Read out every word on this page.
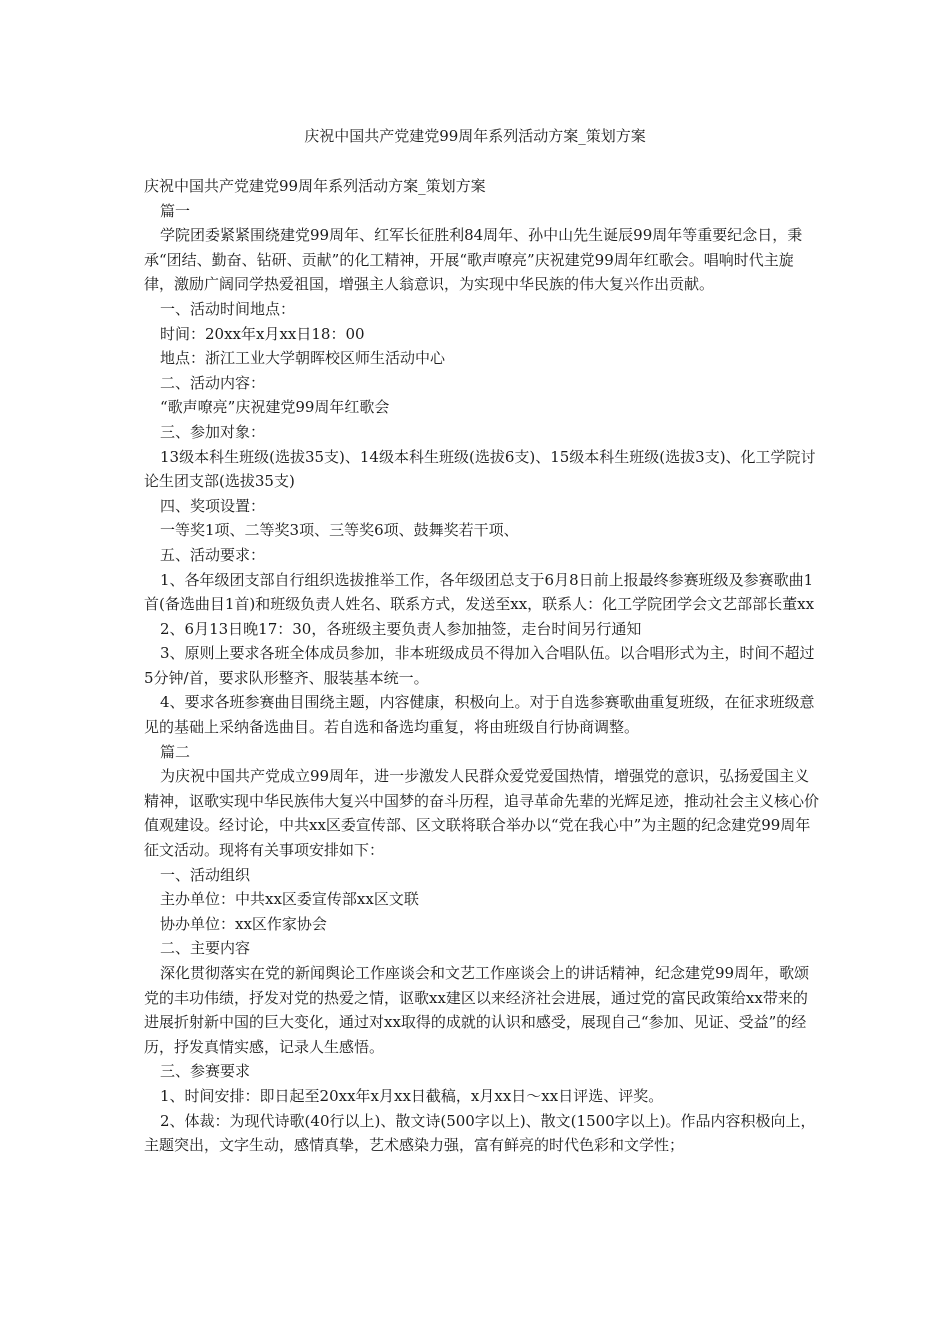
庆祝中国共产党建党99周年系列活动方案_策划方案

庆祝中国共产党建党99周年系列活动方案_策划方案

篇一

学院团委紧紧围绕建党99周年、红军长征胜利84周年、孙中山先生诞辰99周年等重要纪念日，秉承“团结、勤奋、钻研、贡献”的化工精神，开展“歌声嘹亮”庆祝建党99周年红歌会。唱响时代主旋律，激励广阔同学热爱祖国，增强主人翁意识，为实现中华民族的伟大复兴作出贡献。

一、活动时间地点：

时间：20xx年x月xx日18：00

地点：浙江工业大学朝晖校区师生活动中心

二、活动内容：

“歌声嘹亮”庆祝建党99周年红歌会

三、参加对象：

13级本科生班级(选拔35支)、14级本科生班级(选拔6支)、15级本科生班级(选拔3支)、化工学院讨论生团支部(选拔35支)

四、奖项设置：

一等奖1项、二等奖3项、三等奖6项、鼓舞奖若干项、

五、活动要求：

1、各年级团支部自行组织选拔推举工作，各年级团总支于6月8日前上报最终参赛班级及参赛歌曲1首(备选曲目1首)和班级负责人姓名、联系方式，发送至xx，联系人：化工学院团学会文艺部部长董xx

2、6月13日晚17：30，各班级主要负责人参加抽签，走台时间另行通知

3、原则上要求各班全体成员参加，非本班级成员不得加入合唱队伍。以合唱形式为主，时间不超过5分钟/首，要求队形整齐、服装基本统一。

4、要求各班参赛曲目围绕主题，内容健康，积极向上。对于自选参赛歌曲重复班级，在征求班级意见的基础上采纳备选曲目。若自选和备选均重复，将由班级自行协商调整。

篇二

为庆祝中国共产党成立99周年，进一步激发人民群众爱党爱国热情，增强党的意识，弘扬爱国主义精神，讴歌实现中华民族伟大复兴中国梦的奋斗历程，追寻革命先辈的光辉足迹，推动社会主义核心价值观建设。经讨论，中共xx区委宣传部、区文联将联合举办以“党在我心中”为主题的纪念建党99周年征文活动。现将有关事项安排如下：

一、活动组织

主办单位：中共xx区委宣传部xx区文联

协办单位：xx区作家协会

二、主要内容

深化贯彻落实在党的新闻舆论工作座谈会和文艺工作座谈会上的讲话精神，纪念建党99周年，歌颂党的丰功伟绩，抒发对党的热爱之情，讴歌xx建区以来经济社会进展，通过党的富民政策给xx带来的进展折射新中国的巨大变化，通过对xx取得的成就的认识和感受，展现自己“参加、见证、受益”的经历，抒发真情实感，记录人生感悟。

三、参赛要求

1、时间安排：即日起至20xx年x月xx日截稿，x月xx日～xx日评选、评奖。

2、体裁：为现代诗歌(40行以上)、散文诗(500字以上)、散文(1500字以上)。作品内容积极向上，主题突出，文字生动，感情真挚，艺术感染力强，富有鲜亮的时代色彩和文学性；
